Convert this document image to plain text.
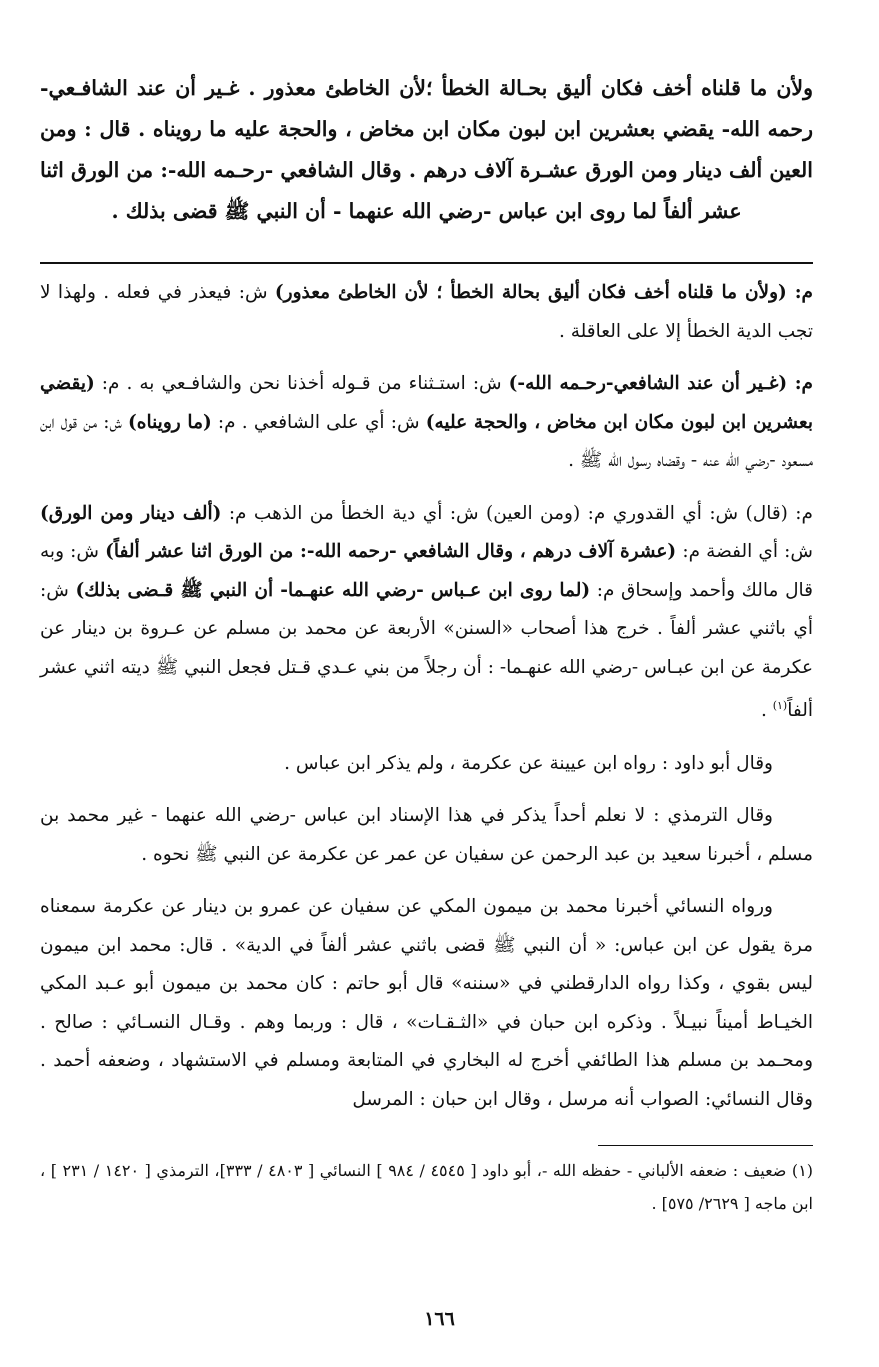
ولأن ما قلناه أخف فكان أليق بحـالة الخطأ ؛لأن الخاطئ معذور . غـير أن عند الشافـعي-رحمه الله- يقضي بعشرين ابن لبون مكان ابن مخاض ، والحجة عليه ما رويناه . قال : ومن العين ألف دينار ومن الورق عشـرة آلاف درهم . وقال الشافعي -رحـمه الله-: من الورق اثنا عشر ألفاً لما روى ابن عباس -رضي الله عنهما - أن النبي ﷺ قضى بذلك .

م: (ولأن ما قلناه أخف فكان أليق بحالة الخطأ ؛ لأن الخاطئ معذور) ش: فيعذر في فعله . ولهذا لا تجب الدية الخطأ إلا على العاقلة .

م: (غـير أن عند الشافعي-رحـمه الله-) ش: استـثناء من قـوله أخذنا نحن والشافـعي به . م: (يقضي بعشرين ابن لبون مكان ابن مخاض ، والحجة عليه) ش: أي على الشافعي . م: (ما رويناه) ش: من قول ابن مسعود -رضي الله عنه - وقضاه رسول الله ﷺ .

م: (قال) ش: أي القدوري م: (ومن العين) ش: أي دية الخطأ من الذهب م: (ألف دينار ومن الورق) ش: أي الفضة م: (عشرة آلاف درهم ، وقال الشافعي -رحمه الله-: من الورق اثنا عشر ألفاً) ش: وبه قال مالك وأحمد وإسحاق م: (لما روى ابن عـباس -رضي الله عنهـما- أن النبي ﷺ قـضى بذلك) ش: أي باثني عشر ألفاً . خرج هذا أصحاب «السنن» الأربعة عن محمد بن مسلم عن عـروة بن دينار عن عكرمة عن ابن عبـاس -رضي الله عنهـما- : أن رجلاً من بني عـدي قـتل فجعل النبي ﷺ ديته اثني عشر ألفاً$^{(١)}$ .

وقال أبو داود : رواه ابن عيينة عن عكرمة ، ولم يذكر ابن عباس .

وقال الترمذي : لا نعلم أحداً يذكر في هذا الإسناد ابن عباس -رضي الله عنهما - غير محمد بن مسلم ، أخبرنا سعيد بن عبد الرحمن عن سفيان عن عمر عن عكرمة عن النبي ﷺ نحوه .

ورواه النسائي أخبرنا محمد بن ميمون المكي عن سفيان عن عمرو بن دينار عن عكرمة سمعناه مرة يقول عن ابن عباس: « أن النبي ﷺ قضى باثني عشر ألفاً في الدية» . قال: محمد ابن ميمون ليس بقوي ، وكذا رواه الدارقطني في «سننه» قال أبو حاتم : كان محمد بن ميمون أبو عـبد المكي الخيـاط أميناً نبيـلاً . وذكره ابن حبان في «الثـقـات» ، قال : وربما وهم . وقـال النسـائي : صالح . ومحـمد بن مسلم هذا الطائفي أخرج له البخاري في المتابعة ومسلم في الاستشهاد ، وضعفه أحمد . وقال النسائي: الصواب أنه مرسل ، وقال ابن حبان : المرسل

(١) ضعيف : ضعفه الألباني - حفظه الله -، أبو داود [ ٤٥٤٥ / ٩٨٤ ] النسائي [ ٤٨٠٣ / ٣٣٣]، الترمذي [ ١٤٢٠ / ٢٣١ ] ، ابن ماجه [ ٢٦٢٩/ ٥٧٥] .

١٦٦
